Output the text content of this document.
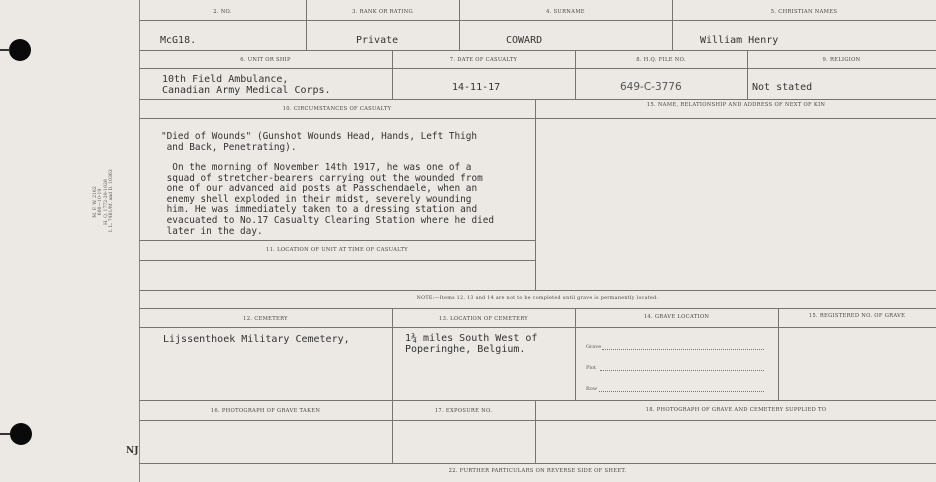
M. F. W. 2162 600—10-19 H. Q. 1772-39-1028 I. L. 7481/M. and D. 10363
NJ
2. NO.	3. RANK OR RATING	4. SURNAME	5. CHRISTIAN NAMES
McG18.	Private	COWARD	William Henry
6. UNIT OR SHIP	7. DATE OF CASUALTY	8. H.Q. FILE NO.	9. RELIGION
10th Field Ambulance,
Canadian Army Medical Corps.	14-11-17	649-C-3776	Not stated
10. CIRCUMSTANCES OF CASUALTY
15. NAME, RELATIONSHIP AND ADDRESS OF NEXT OF KIN
"Died of Wounds" (Gunshot Wounds Head, Hands, Left Thigh
and Back, Penetrating).
On the morning of November 14th 1917, he was one of a
squad of stretcher-bearers carrying out the wounded from
one of our advanced aid posts at Passchendaele, when an
enemy shell exploded in their midst, severely wounding
him. He was immediately taken to a dressing station and
evacuated to No.17 Casualty Clearing Station where he died
later in the day.
11. LOCATION OF UNIT AT TIME OF CASUALTY
NOTE:—Items 12, 13 and 14 are not to be completed until grave is permanently located.
12. CEMETERY	13. LOCATION OF CEMETERY	14. GRAVE LOCATION	15. REGISTERED NO. OF GRAVE
Lijssenthoek Military Cemetery,	1¾ miles South West of
Poperinghe, Belgium.	Grave
Plot
Row
16. PHOTOGRAPH OF GRAVE TAKEN	17. EXPOSURE NO.	18. PHOTOGRAPH OF GRAVE AND CEMETERY SUPPLIED TO
22. FURTHER PARTICULARS ON REVERSE SIDE OF SHEET.
